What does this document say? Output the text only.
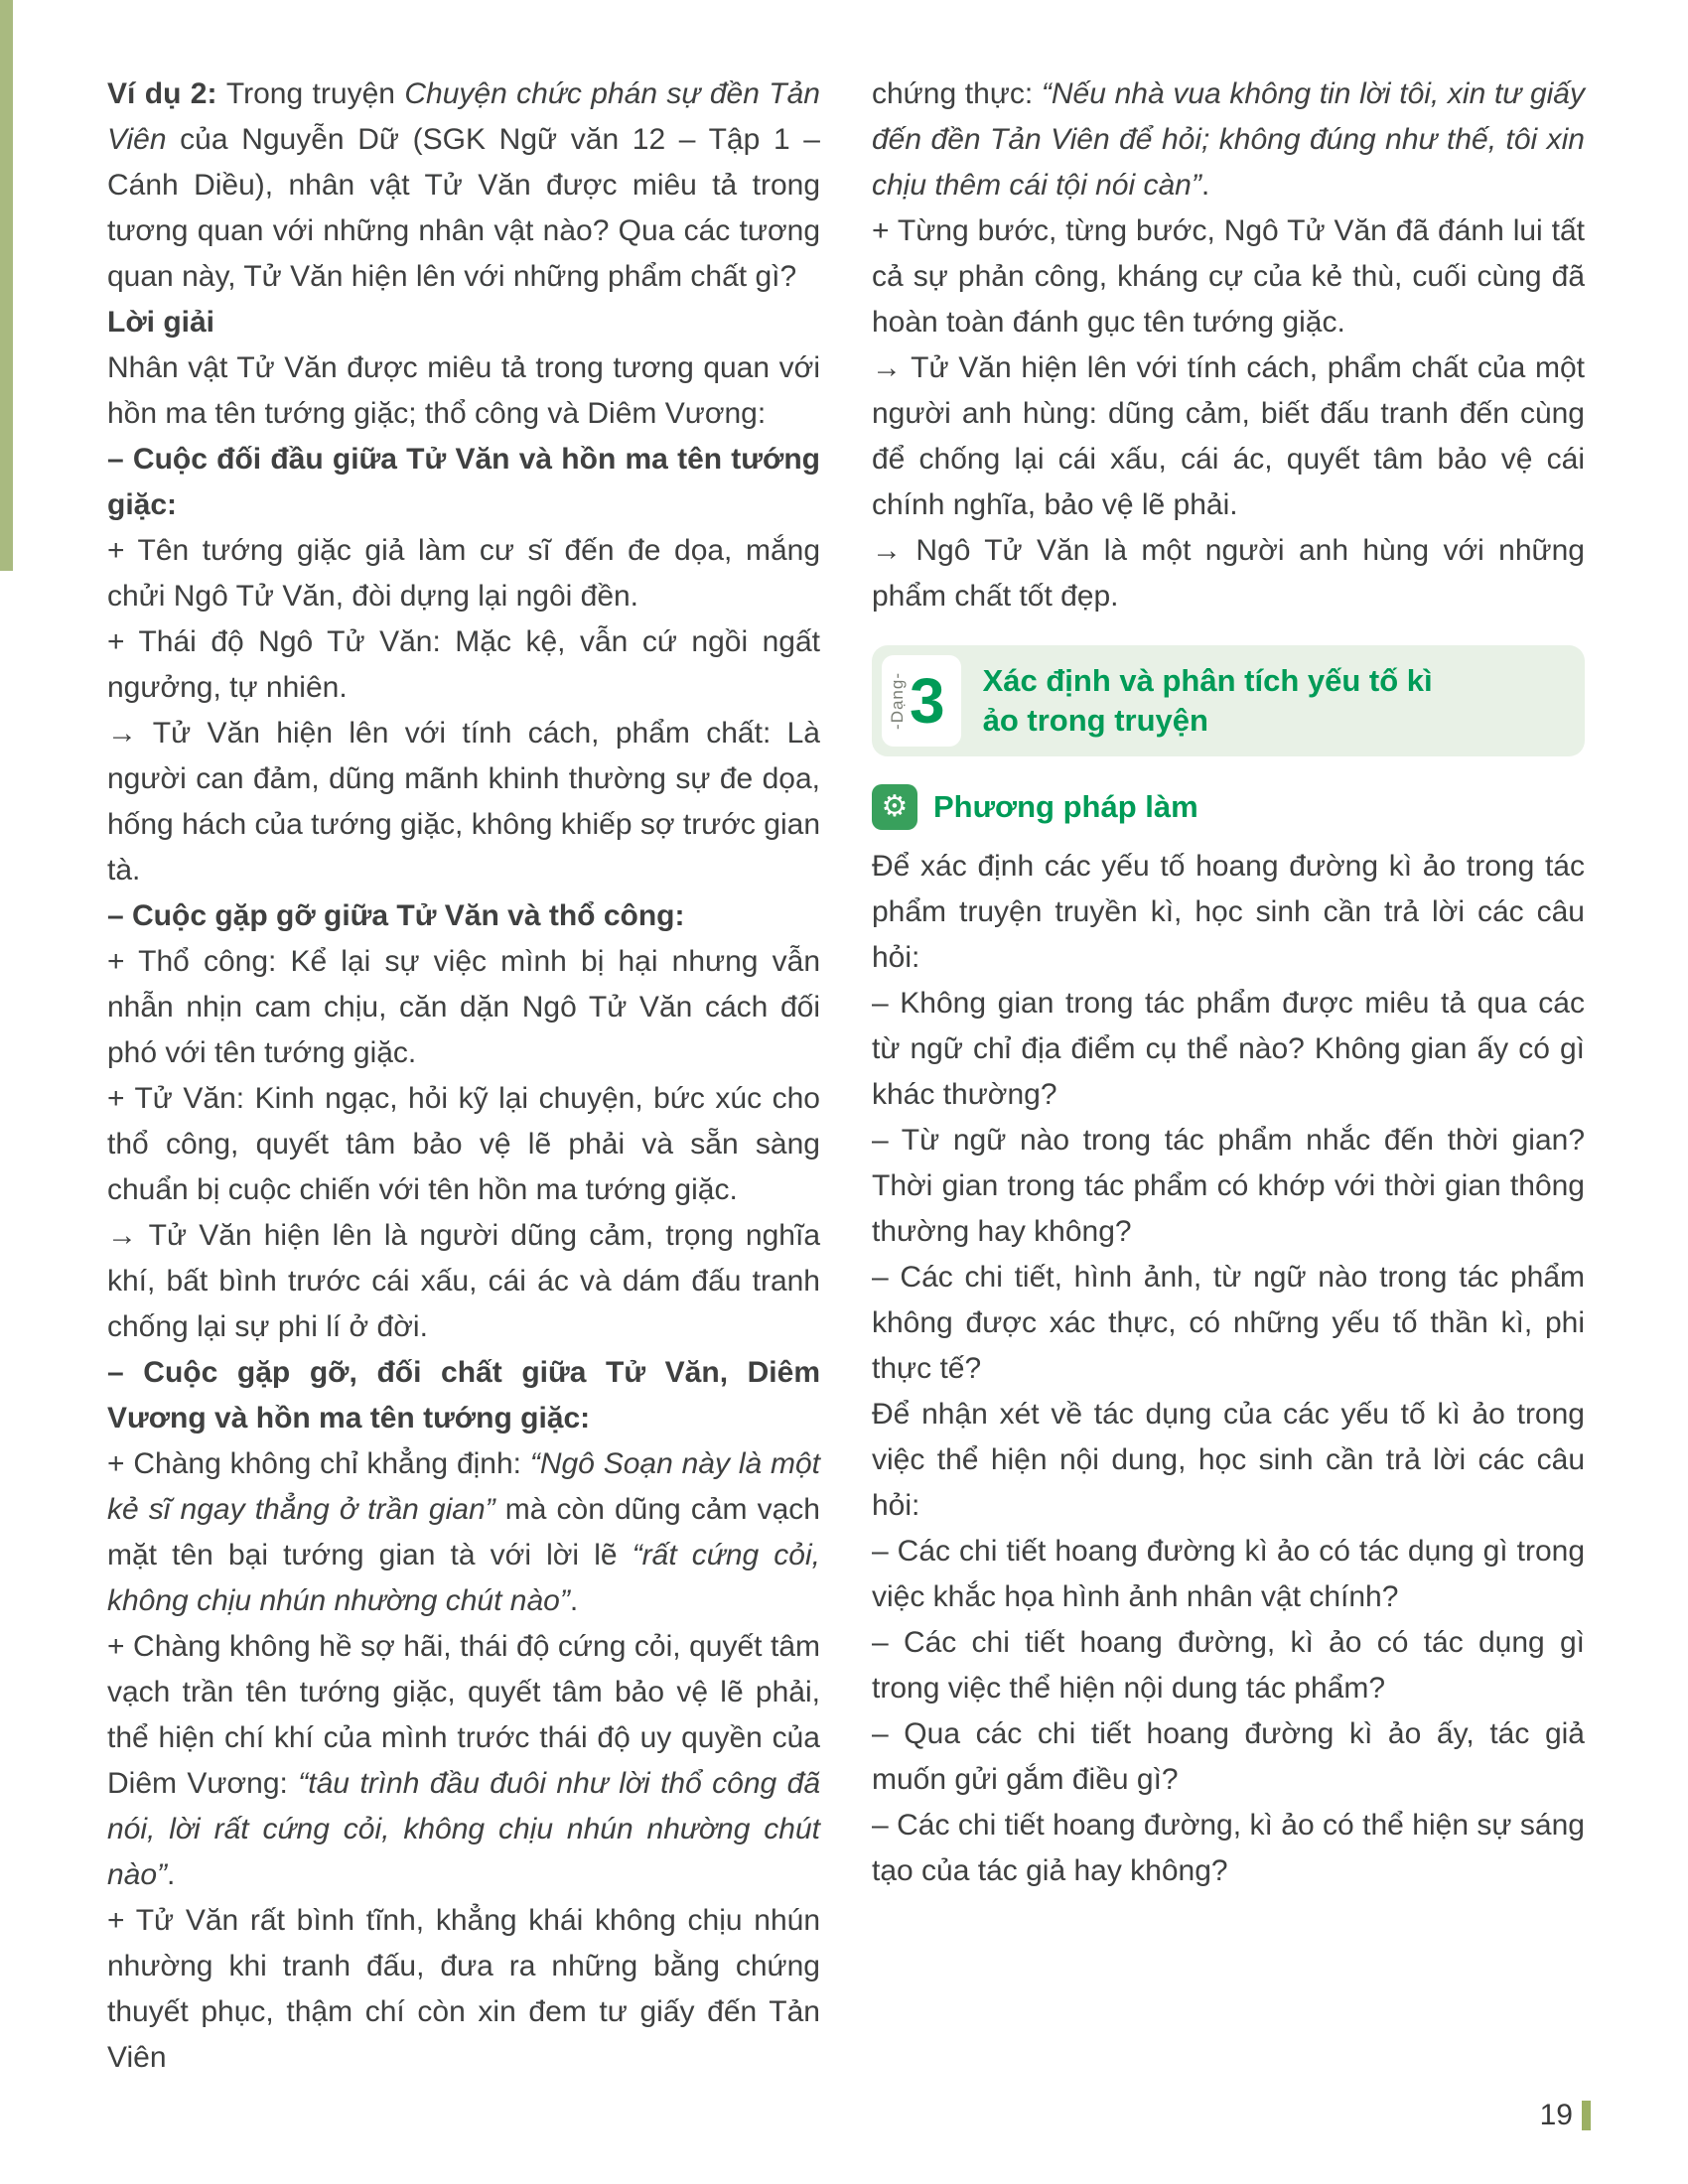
Ví dụ 2: Trong truyện Chuyện chức phán sự đền Tản Viên của Nguyễn Dữ (SGK Ngữ văn 12 – Tập 1 – Cánh Diều), nhân vật Tử Văn được miêu tả trong tương quan với những nhân vật nào? Qua các tương quan này, Tử Văn hiện lên với những phẩm chất gì?

Lời giải

Nhân vật Tử Văn được miêu tả trong tương quan với hồn ma tên tướng giặc; thổ công và Diêm Vương:

– Cuộc đối đầu giữa Tử Văn và hồn ma tên tướng giặc:

+ Tên tướng giặc giả làm cư sĩ đến đe dọa, mắng chửi Ngô Tử Văn, đòi dựng lại ngôi đền.

+ Thái độ Ngô Tử Văn: Mặc kệ, vẫn cứ ngồi ngất ngưởng, tự nhiên.

→ Tử Văn hiện lên với tính cách, phẩm chất: Là người can đảm, dũng mãnh khinh thường sự đe dọa, hống hách của tướng giặc, không khiếp sợ trước gian tà.

– Cuộc gặp gỡ giữa Tử Văn và thổ công:

+ Thổ công: Kể lại sự việc mình bị hại nhưng vẫn nhẫn nhịn cam chịu, căn dặn Ngô Tử Văn cách đối phó với tên tướng giặc.

+ Tử Văn: Kinh ngạc, hỏi kỹ lại chuyện, bức xúc cho thổ công, quyết tâm bảo vệ lẽ phải và sẵn sàng chuẩn bị cuộc chiến với tên hồn ma tướng giặc.

→ Tử Văn hiện lên là người dũng cảm, trọng nghĩa khí, bất bình trước cái xấu, cái ác và dám đấu tranh chống lại sự phi lí ở đời.

– Cuộc gặp gỡ, đối chất giữa Tử Văn, Diêm Vương và hồn ma tên tướng giặc:

+ Chàng không chỉ khẳng định: “Ngô Soạn này là một kẻ sĩ ngay thẳng ở trần gian” mà còn dũng cảm vạch mặt tên bại tướng gian tà với lời lẽ “rất cứng cỏi, không chịu nhún nhường chút nào”.

+ Chàng không hề sợ hãi, thái độ cứng cỏi, quyết tâm vạch trần tên tướng giặc, quyết tâm bảo vệ lẽ phải, thể hiện chí khí của mình trước thái độ uy quyền của Diêm Vương: “tâu trình đầu đuôi như lời thổ công đã nói, lời rất cứng cỏi, không chịu nhún nhường chút nào”.

+ Tử Văn rất bình tĩnh, khẳng khái không chịu nhún nhường khi tranh đấu, đưa ra những bằng chứng thuyết phục, thậm chí còn xin đem tư giấy đến Tản Viên

chứng thực: “Nếu nhà vua không tin lời tôi, xin tư giấy đến đền Tản Viên để hỏi; không đúng như thế, tôi xin chịu thêm cái tội nói càn”.

+ Từng bước, từng bước, Ngô Tử Văn đã đánh lui tất cả sự phản công, kháng cự của kẻ thù, cuối cùng đã hoàn toàn đánh gục tên tướng giặc.

→ Tử Văn hiện lên với tính cách, phẩm chất của một người anh hùng: dũng cảm, biết đấu tranh đến cùng để chống lại cái xấu, cái ác, quyết tâm bảo vệ cái chính nghĩa, bảo vệ lẽ phải.

→ Ngô Tử Văn là một người anh hùng với những phẩm chất tốt đẹp.

-Dạng- 3 Xác định và phân tích yếu tố kì ảo trong truyện
⚙ Phương pháp làm

Để xác định các yếu tố hoang đường kì ảo trong tác phẩm truyện truyền kì, học sinh cần trả lời các câu hỏi:

– Không gian trong tác phẩm được miêu tả qua các từ ngữ chỉ địa điểm cụ thể nào? Không gian ấy có gì khác thường?

– Từ ngữ nào trong tác phẩm nhắc đến thời gian? Thời gian trong tác phẩm có khớp với thời gian thông thường hay không?

– Các chi tiết, hình ảnh, từ ngữ nào trong tác phẩm không được xác thực, có những yếu tố thần kì, phi thực tế?

Để nhận xét về tác dụng của các yếu tố kì ảo trong việc thể hiện nội dung, học sinh cần trả lời các câu hỏi:

– Các chi tiết hoang đường kì ảo có tác dụng gì trong việc khắc họa hình ảnh nhân vật chính?

– Các chi tiết hoang đường, kì ảo có tác dụng gì trong việc thể hiện nội dung tác phẩm?

– Qua các chi tiết hoang đường kì ảo ấy, tác giả muốn gửi gắm điều gì?

– Các chi tiết hoang đường, kì ảo có thể hiện sự sáng tạo của tác giả hay không?

19
